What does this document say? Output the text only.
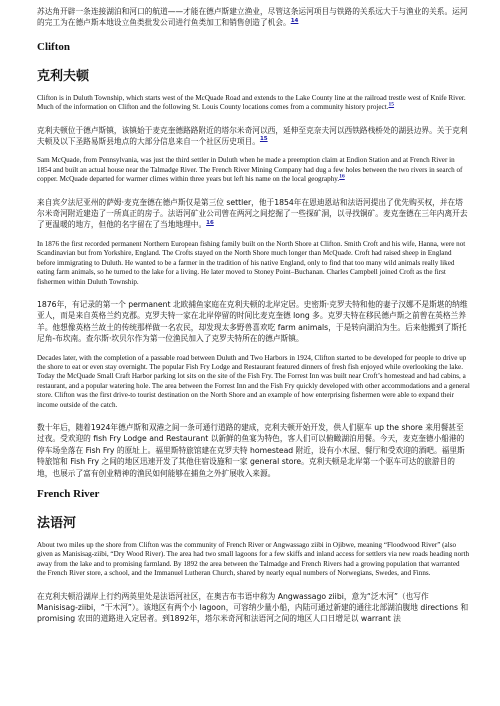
苏达角开辟一条连接湖泊和河口的航道——才能在德卢斯建立渔业，尽管这条运河项目与铁路的关系远大于与渔业的关系。运河的完工为在德卢斯本地设立鱼类批发公司进行鱼类加工和销售创造了机会。$^{14}$

Clifton
克利夫顿

Clifton is in Duluth Township, which starts west of the McQuade Road and extends to the Lake County line at the railroad trestle west of Knife River. Much of the information on Clifton and the following St. Louis County locations comes from a community history project.$^{15}$

克利夫顿位于德卢斯镇，该镇始于麦克奎德路路附近的塔尔米奇河以西，延伸至克奈夫河以西铁路栈桥处的湖县边界。关于克利夫顿及以下圣路易斯县地点的大部分信息来自一个社区历史项目。$^{15}$

Sam McQuade, from Pennsylvania, was just the third settler in Duluth when he made a preemption claim at Endion Station and at French River in 1854 and built an actual house near the Talmadge River. The French River Mining Company had dug a few holes between the two rivers in search of copper. McQuade departed for warmer climes within three years but left his name on the local geography.$^{16}$

来自宾夕法尼亚州的萨姆·麦克奎德在德卢斯仅是第三位 settler，他于1854年在恩迪恩站和法语河提出了优先购买权，并在塔尔米奇河附近建造了一所真正的房子。法语河矿业公司曾在两河之间挖掘了一些探矿洞，以寻找铜矿。麦克奎德在三年内离开去了更温暖的地方，但他的名字留在了当地地理中。$^{16}$

In 1876 the first recorded permanent Northern European fishing family built on the North Shore at Clifton. Smith Croft and his wife, Hanna, were not Scandinavian but from Yorkshire, England. The Crofts stayed on the North Shore much longer than McQuade. Croft had raised sheep in England before immigrating to Duluth. He wanted to be a farmer in the tradition of his native England, only to find that too many wild animals really liked eating farm animals, so he turned to the lake for a living. He later moved to Stoney Point–Buchanan. Charles Campbell joined Croft as the first fishermen within Duluth Township.

1876年，有记录的第一个 permanent 北欧捕鱼家庭在克利夫顿的北岸定居。史密斯·克罗夫特和他的妻子汉娜不是斯堪的纳维亚人，而是来自英格兰约克郡。克罗夫特一家在北岸停留的时间比麦克奎德 long 多。克罗夫特在移民德卢斯之前曾在英格兰养羊。他想像英格兰故土的传统那样做一名农民，却发现太多野兽喜欢吃 farm animals，于是转向湖泊为生。后来他搬到了斯托尼角-布坎南。查尔斯·坎贝尔作为第一位渔民加入了克罗夫特所在的德卢斯镇。

Decades later, with the completion of a passable road between Duluth and Two Harbors in 1924, Clifton started to be developed for people to drive up the shore to eat or even stay overnight. The popular Fish Fry Lodge and Restaurant featured dinners of fresh fish enjoyed while overlooking the lake. Today the McQuade Small Craft Harbor parking lot sits on the site of the Fish Fry. The Forrest Inn was built near Croft’s homestead and had cabins, a restaurant, and a popular watering hole. The area between the Forrest Inn and the Fish Fry quickly developed with other accommodations and a general store. Clifton was the first drive-to tourist destination on the North Shore and an example of how enterprising fishermen were able to expand their income outside of the catch.

数十年后，随着1924年德卢斯和双港之间一条可通行道路的建成，克利夫顿开始开发，供人们驱车 up the shore 来用餐甚至过夜。受欢迎的 fish Fry Lodge and Restaurant 以新鲜的鱼宴为特色，客人们可以俯瞰湖泊用餐。今天，麦克奎德小船港的停车场坐落在 Fish Fry 的原址上。福里斯特旅馆建在克罗夫特 homestead 附近，设有小木屋、餐厅和受欢迎的酒吧。福里斯特旅馆和 Fish Fry 之间的地区迅速开发了其他住宿设施和一家 general store。克利夫顿是北岸第一个驱车可达的旅游目的地，也展示了富有创业精神的渔民如何能够在捕鱼之外扩展收入来源。

French River
法语河

About two miles up the shore from Clifton was the community of French River or Angwassago ziibi in Ojibwe, meaning “Floodwood River” (also given as Manisisag-ziibi, “Dry Wood River). The area had two small lagoons for a few skiffs and inland access for settlers via new roads heading north away from the lake and to promising farmland. By 1892 the area between the Talmadge and French Rivers had a growing population that warranted the French River store, a school, and the Immanuel Lutheran Church, shared by nearly equal numbers of Norwegians, Swedes, and Finns.

在克利夫顿沿湖岸上行约两英里处是法语河社区，在奥吉布韦语中称为 Angwassago ziibi，意为“泛木河”（也写作 Manisisag-ziibi，“干木河”）。该地区有两个小 lagoon，可容纳少量小船，内陆可通过新建的通往北部湖泊腹地 directions 和 promising 农田的道路进入定居者。到1892年，塔尔米奇河和法语河之间的地区人口日增足以 warrant 法
